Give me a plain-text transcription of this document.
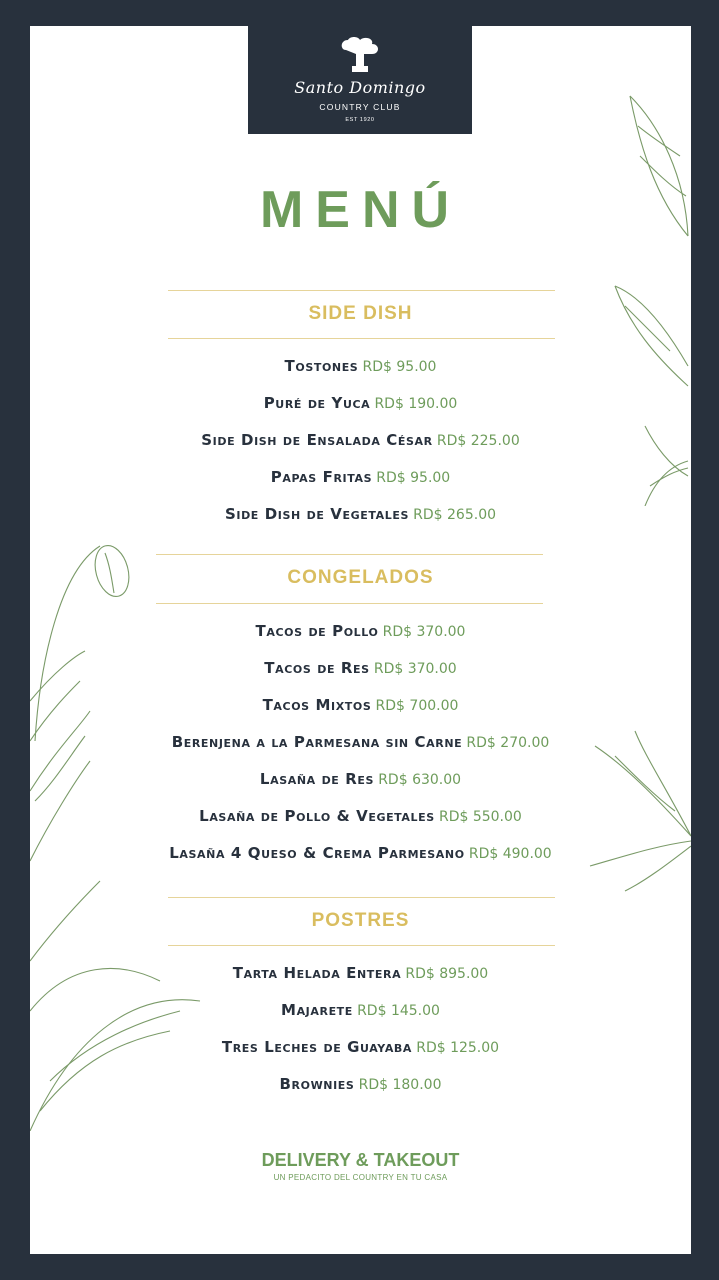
Santo Domingo
COUNTRY CLUB
EST 1920
MENÚ
SIDE DISH
Tostones RD$ 95.00
Puré de Yuca RD$ 190.00
Side Dish de Ensalada César RD$ 225.00
Papas Fritas RD$ 95.00
Side Dish de Vegetales RD$ 265.00
CONGELADOS
Tacos de Pollo RD$ 370.00
Tacos de Res RD$ 370.00
Tacos Mixtos RD$ 700.00
Berenjena a la Parmesana sin Carne RD$ 270.00
Lasaña de Res RD$ 630.00
Lasaña de Pollo & Vegetales RD$ 550.00
Lasaña 4 Queso & Crema Parmesano RD$ 490.00
POSTRES
Tarta Helada Entera RD$ 895.00
Majarete RD$ 145.00
Tres Leches de Guayaba RD$ 125.00
Brownies RD$ 180.00
DELIVERY & TAKEOUT
UN PEDACITO DEL COUNTRY EN TU CASA
